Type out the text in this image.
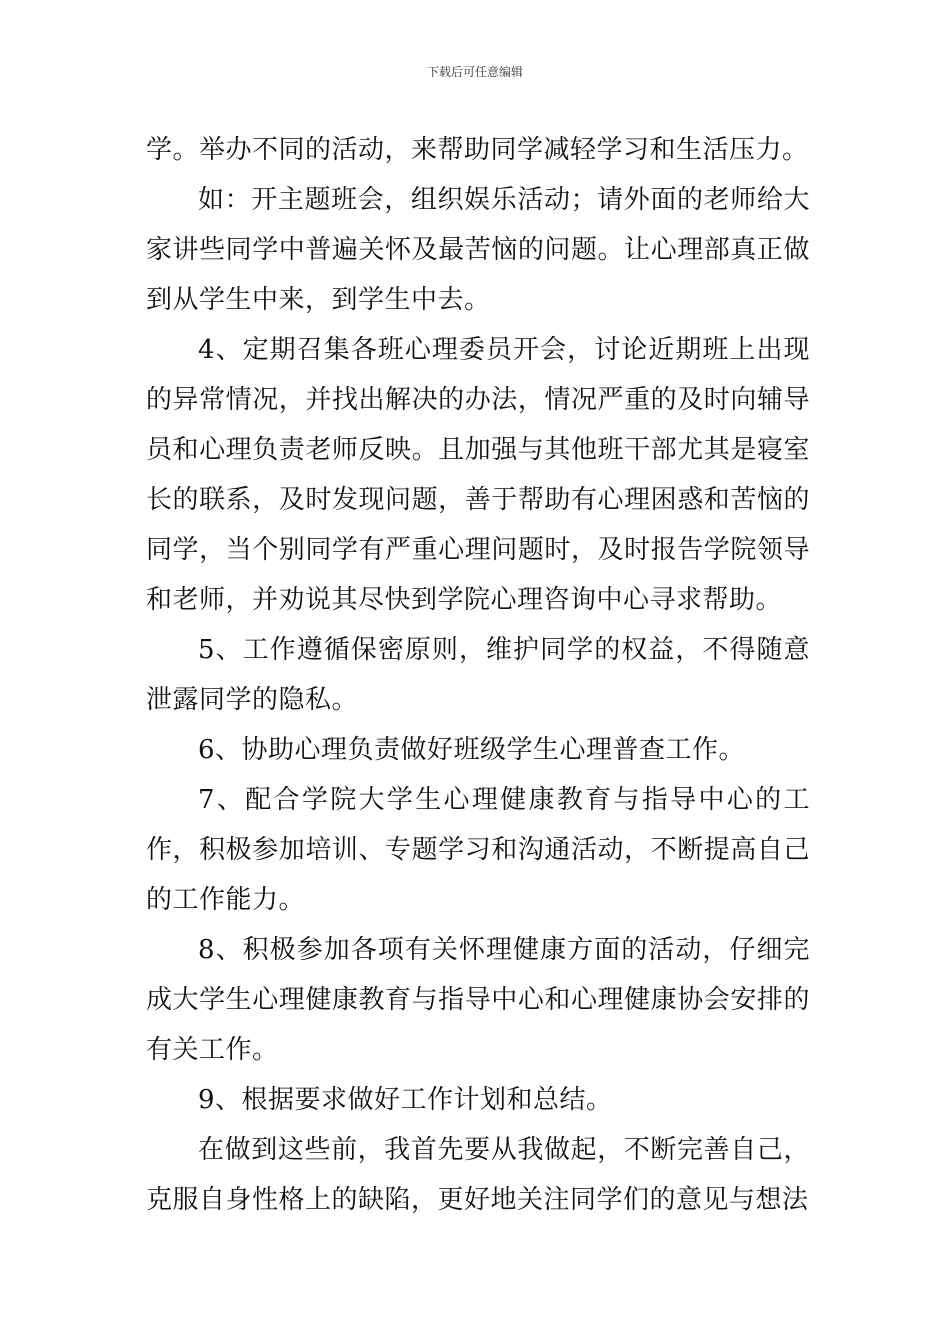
下载后可任意编辑

学。举办不同的活动，来帮助同学减轻学习和生活压力。

如：开主题班会，组织娱乐活动；请外面的老师给大家讲些同学中普遍关怀及最苦恼的问题。让心理部真正做到从学生中来，到学生中去。

4、定期召集各班心理委员开会，讨论近期班上出现的异常情况，并找出解决的办法，情况严重的及时向辅导员和心理负责老师反映。且加强与其他班干部尤其是寝室长的联系，及时发现问题，善于帮助有心理困惑和苦恼的同学，当个别同学有严重心理问题时，及时报告学院领导和老师，并劝说其尽快到学院心理咨询中心寻求帮助。

5、工作遵循保密原则，维护同学的权益，不得随意泄露同学的隐私。

6、协助心理负责做好班级学生心理普查工作。

7、配合学院大学生心理健康教育与指导中心的工作，积极参加培训、专题学习和沟通活动，不断提高自己的工作能力。

8、积极参加各项有关怀理健康方面的活动，仔细完成大学生心理健康教育与指导中心和心理健康协会安排的有关工作。

9、根据要求做好工作计划和总结。

在做到这些前，我首先要从我做起，不断完善自己，克服自身性格上的缺陷，更好地关注同学们的意见与想法
